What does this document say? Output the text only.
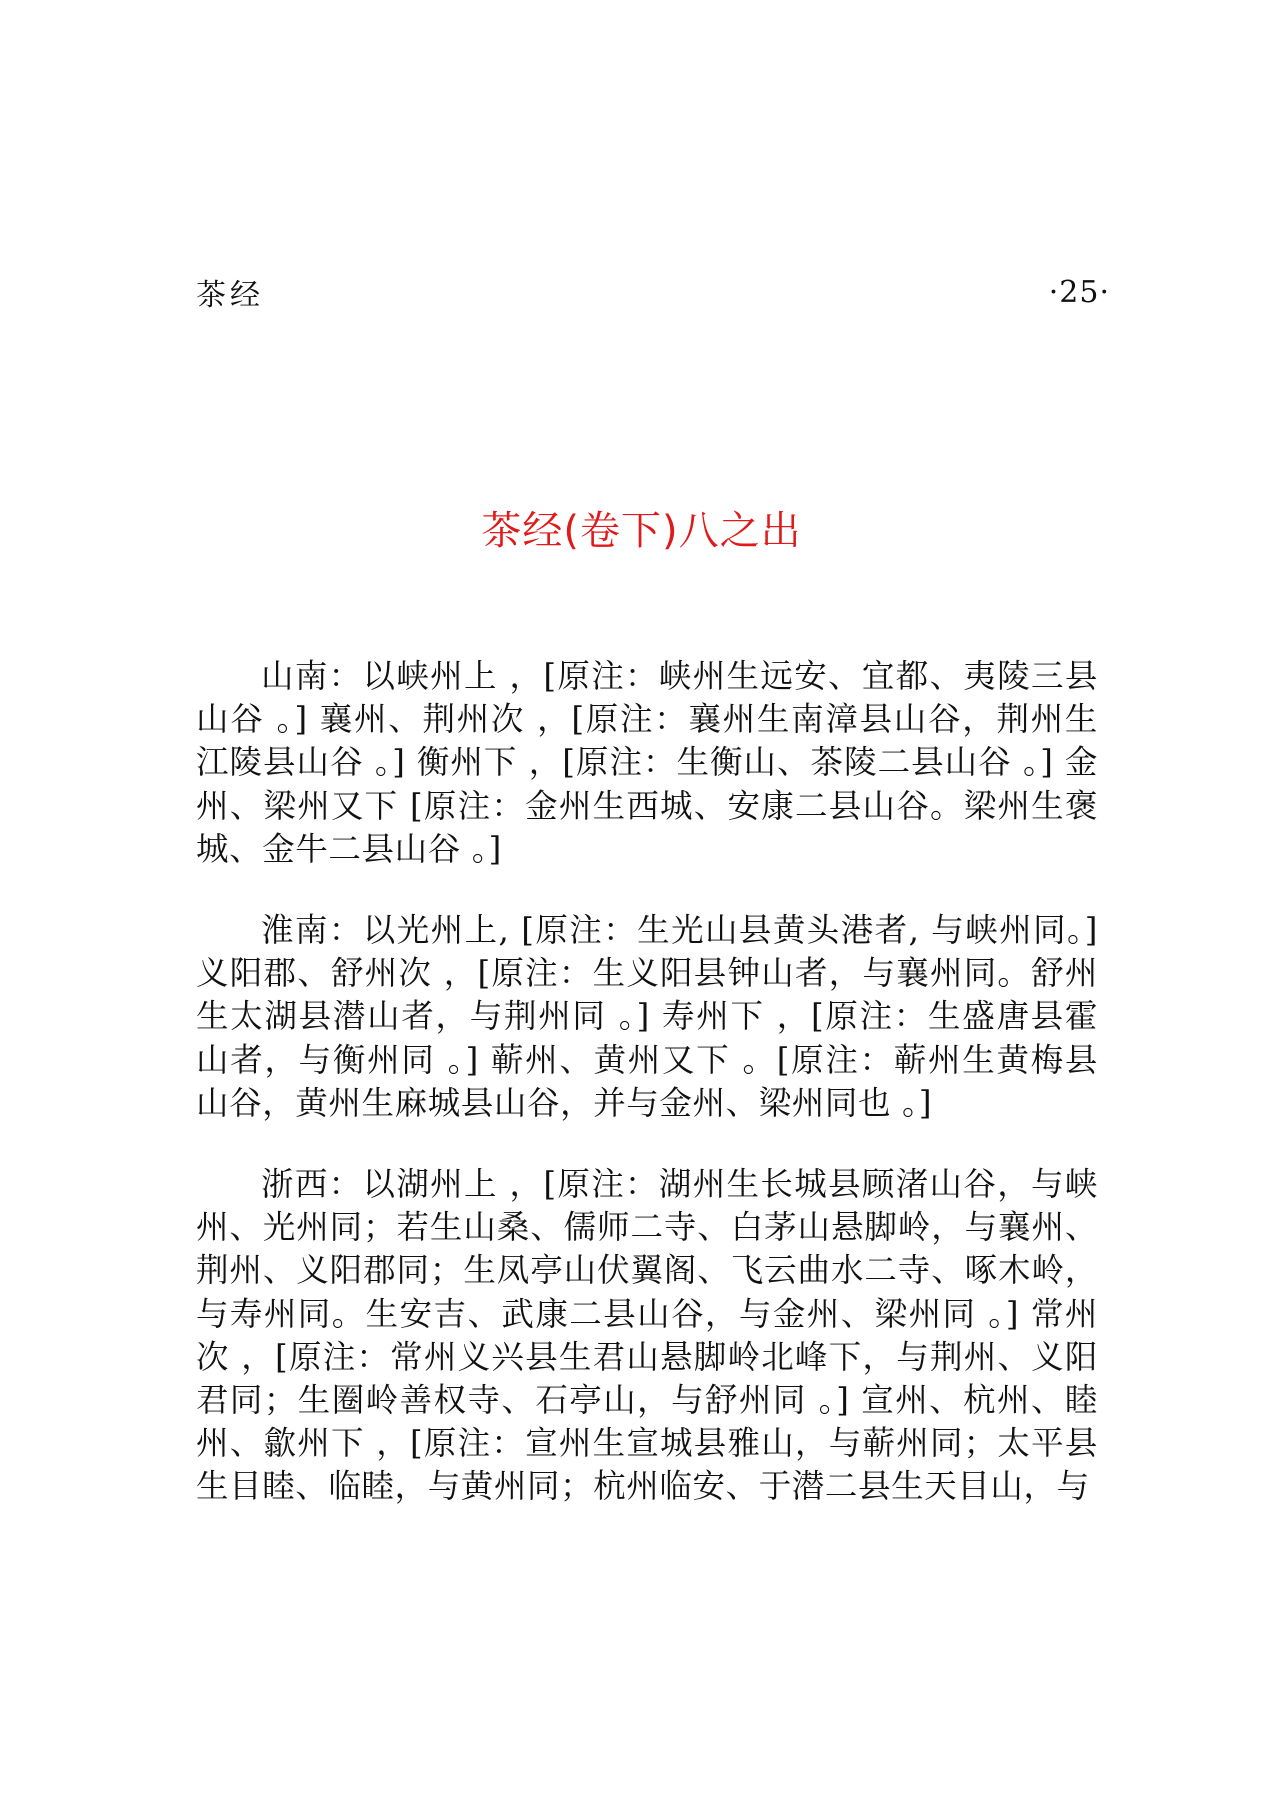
茶经	·25·
茶经(卷下)八之出

山南：以峡州上 ，[原注：峡州生远安、宜都、夷陵三县山谷 。] 襄州、荆州次 ，[原注：襄州生南漳县山谷，荆州生江陵县山谷 。] 衡州下 ，[原注：生衡山、茶陵二县山谷 。] 金州、梁州又下 [原注：金州生西城、安康二县山谷。梁州生褒城、金牛二县山谷 。]

淮南：以光州上, [原注：生光山县黄头港者, 与峡州同。] 义阳郡、舒州次 ，[原注：生义阳县钟山者，与襄州同。舒州生太湖县潜山者，与荆州同 。] 寿州下 ，[原注：生盛唐县霍山者，与衡州同 。] 蕲州、黄州又下 。[原注：蕲州生黄梅县山谷，黄州生麻城县山谷，并与金州、梁州同也 。]

浙西：以湖州上 ，[原注：湖州生长城县顾渚山谷，与峡州、光州同；若生山桑、儒师二寺、白茅山悬脚岭，与襄州、荆州、义阳郡同；生凤亭山伏翼阁、飞云曲水二寺、啄木岭，与寿州同。生安吉、武康二县山谷，与金州、梁州同 。] 常州次 ，[原注：常州义兴县生君山悬脚岭北峰下，与荆州、义阳君同；生圈岭善权寺、石亭山，与舒州同 。] 宣州、杭州、睦州、歙州下 ，[原注：宣州生宣城县雅山，与蕲州同；太平县生目睦、临睦，与黄州同；杭州临安、于潜二县生天目山，与
